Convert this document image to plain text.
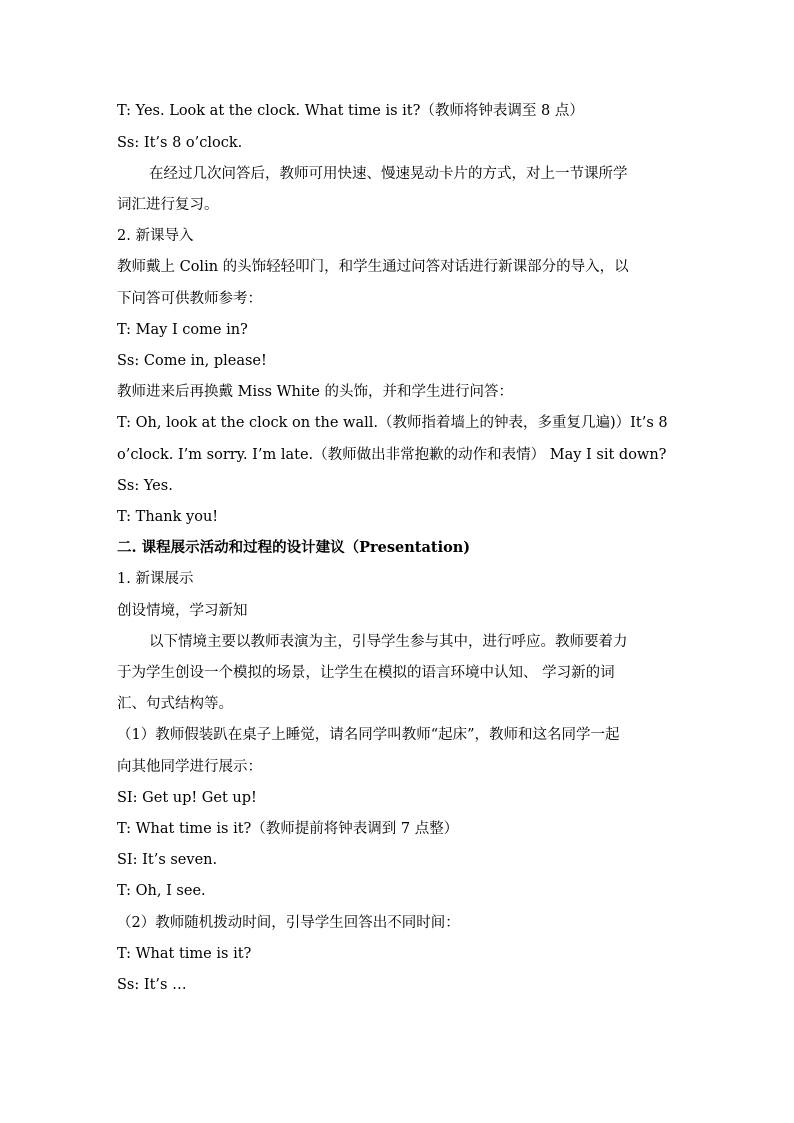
T: Yes. Look at the clock. What time is it?（教师将钟表调至 8 点）
Ss: It’s 8 o’clock.
在经过几次问答后，教师可用快速、慢速晃动卡片的方式，对上一节课所学
词汇进行复习。
2. 新课导入
教师戴上 Colin 的头饰轻轻叩门，和学生通过问答对话进行新课部分的导入，以
下问答可供教师参考：
T: May I come in?
Ss: Come in, please!
教师进来后再换戴 Miss White 的头饰，并和学生进行问答：
T: Oh, look at the clock on the wall.（教师指着墙上的钟表，多重复几遍)）It’s 8
o’clock. I’m sorry. I’m late.（教师做出非常抱歉的动作和表情） May I sit down?
Ss: Yes.
T: Thank you!
二. 课程展示活动和过程的设计建议（Presentation)
1. 新课展示
创设情境，学习新知
以下情境主要以教师表演为主，引导学生参与其中，进行呼应。教师要着力
于为学生创设一个模拟的场景，让学生在模拟的语言环境中认知、 学习新的词
汇、句式结构等。
（1）教师假装趴在桌子上睡觉，请名同学叫教师“起床”，教师和这名同学一起
向其他同学进行展示：
SI: Get up! Get up!
T: What time is it?（教师提前将钟表调到 7 点整）
SI: It’s seven.
T: Oh, I see.
（2）教师随机拨动时间，引导学生回答出不同时间：
T: What time is it?
Ss: It’s …
